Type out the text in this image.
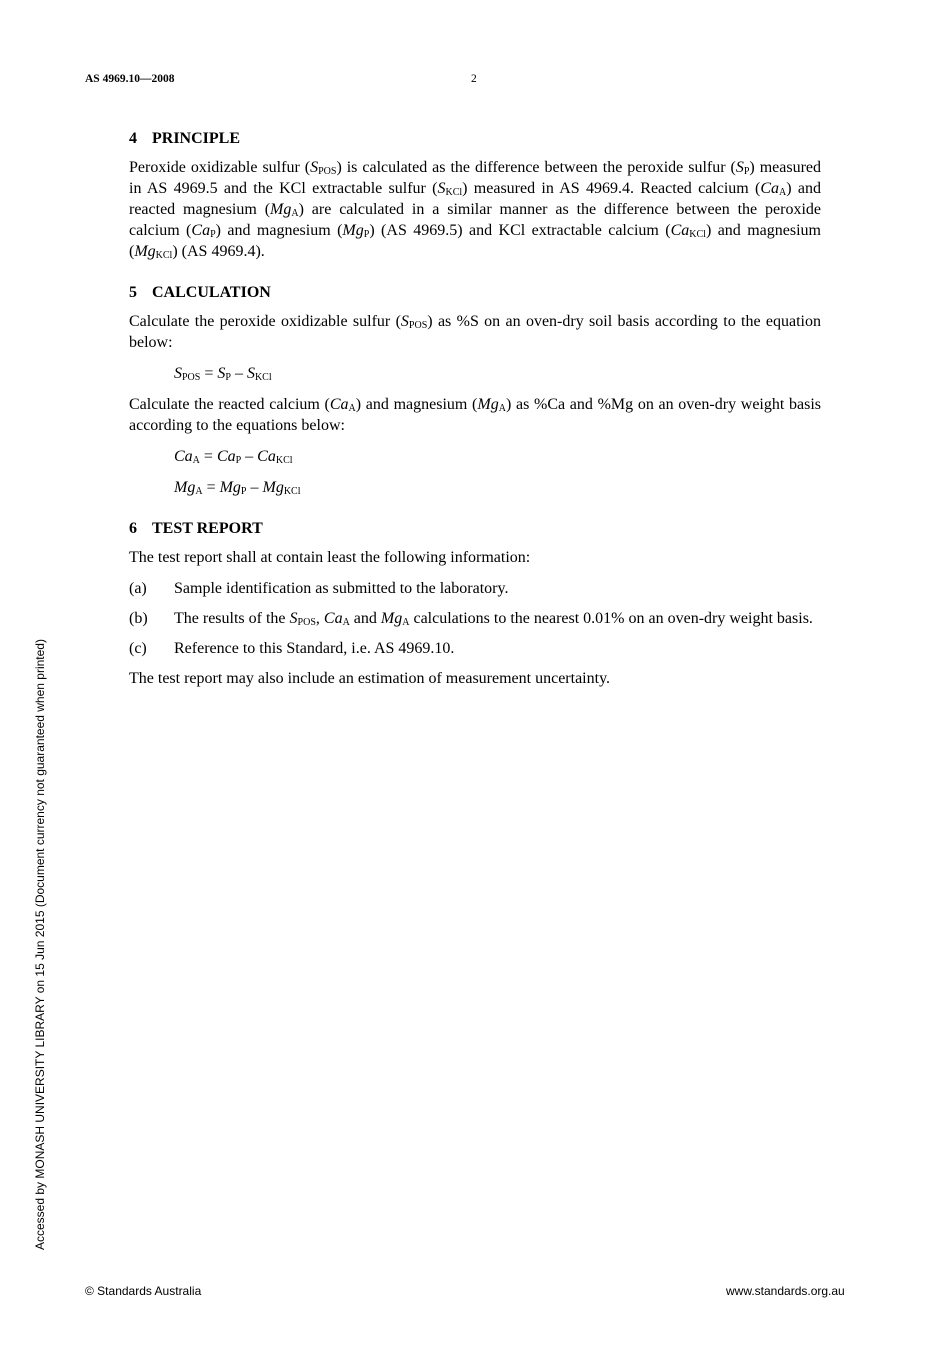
AS 4969.10—2008	2
4 PRINCIPLE

Peroxide oxidizable sulfur $(S_{POS})$ is calculated as the difference between the peroxide sulfur $(S_P)$ measured in AS 4969.5 and the KCl extractable sulfur $(S_{KCl})$ measured in AS 4969.4. Reacted calcium $(Ca_A)$ and reacted magnesium $(Mg_A)$ are calculated in a similar manner as the difference between the peroxide calcium $(Ca_P)$ and magnesium $(Mg_P)$ (AS 4969.5) and KCl extractable calcium $(Ca_{KCl})$ and magnesium $(Mg_{KCl})$ (AS 4969.4).

5 CALCULATION

Calculate the peroxide oxidizable sulfur $(S_{POS})$ as %S on an oven-dry soil basis according to the equation below:

$S_{POS} = S_P - S_{KCl}$

Calculate the reacted calcium $(Ca_A)$ and magnesium $(Mg_A)$ as %Ca and %Mg on an oven-dry weight basis according to the equations below:

$Ca_A = Ca_P - Ca_{KCl}$
$Mg_A = Mg_P - Mg_{KCl}$
6 TEST REPORT

The test report shall at contain least the following information:

(a)	Sample identification as submitted to the laboratory.
(b)	The results of the $S_{POS}$, $Ca_A$ and $Mg_A$ calculations to the nearest 0.01% on an oven-dry weight basis.
(c)	Reference to this Standard, i.e. AS 4969.10.

The test report may also include an estimation of measurement uncertainty.

Accessed by MONASH UNIVERSITY LIBRARY on 15 Jun 2015 (Document currency not guaranteed when printed)
© Standards Australia	www.standards.org.au
